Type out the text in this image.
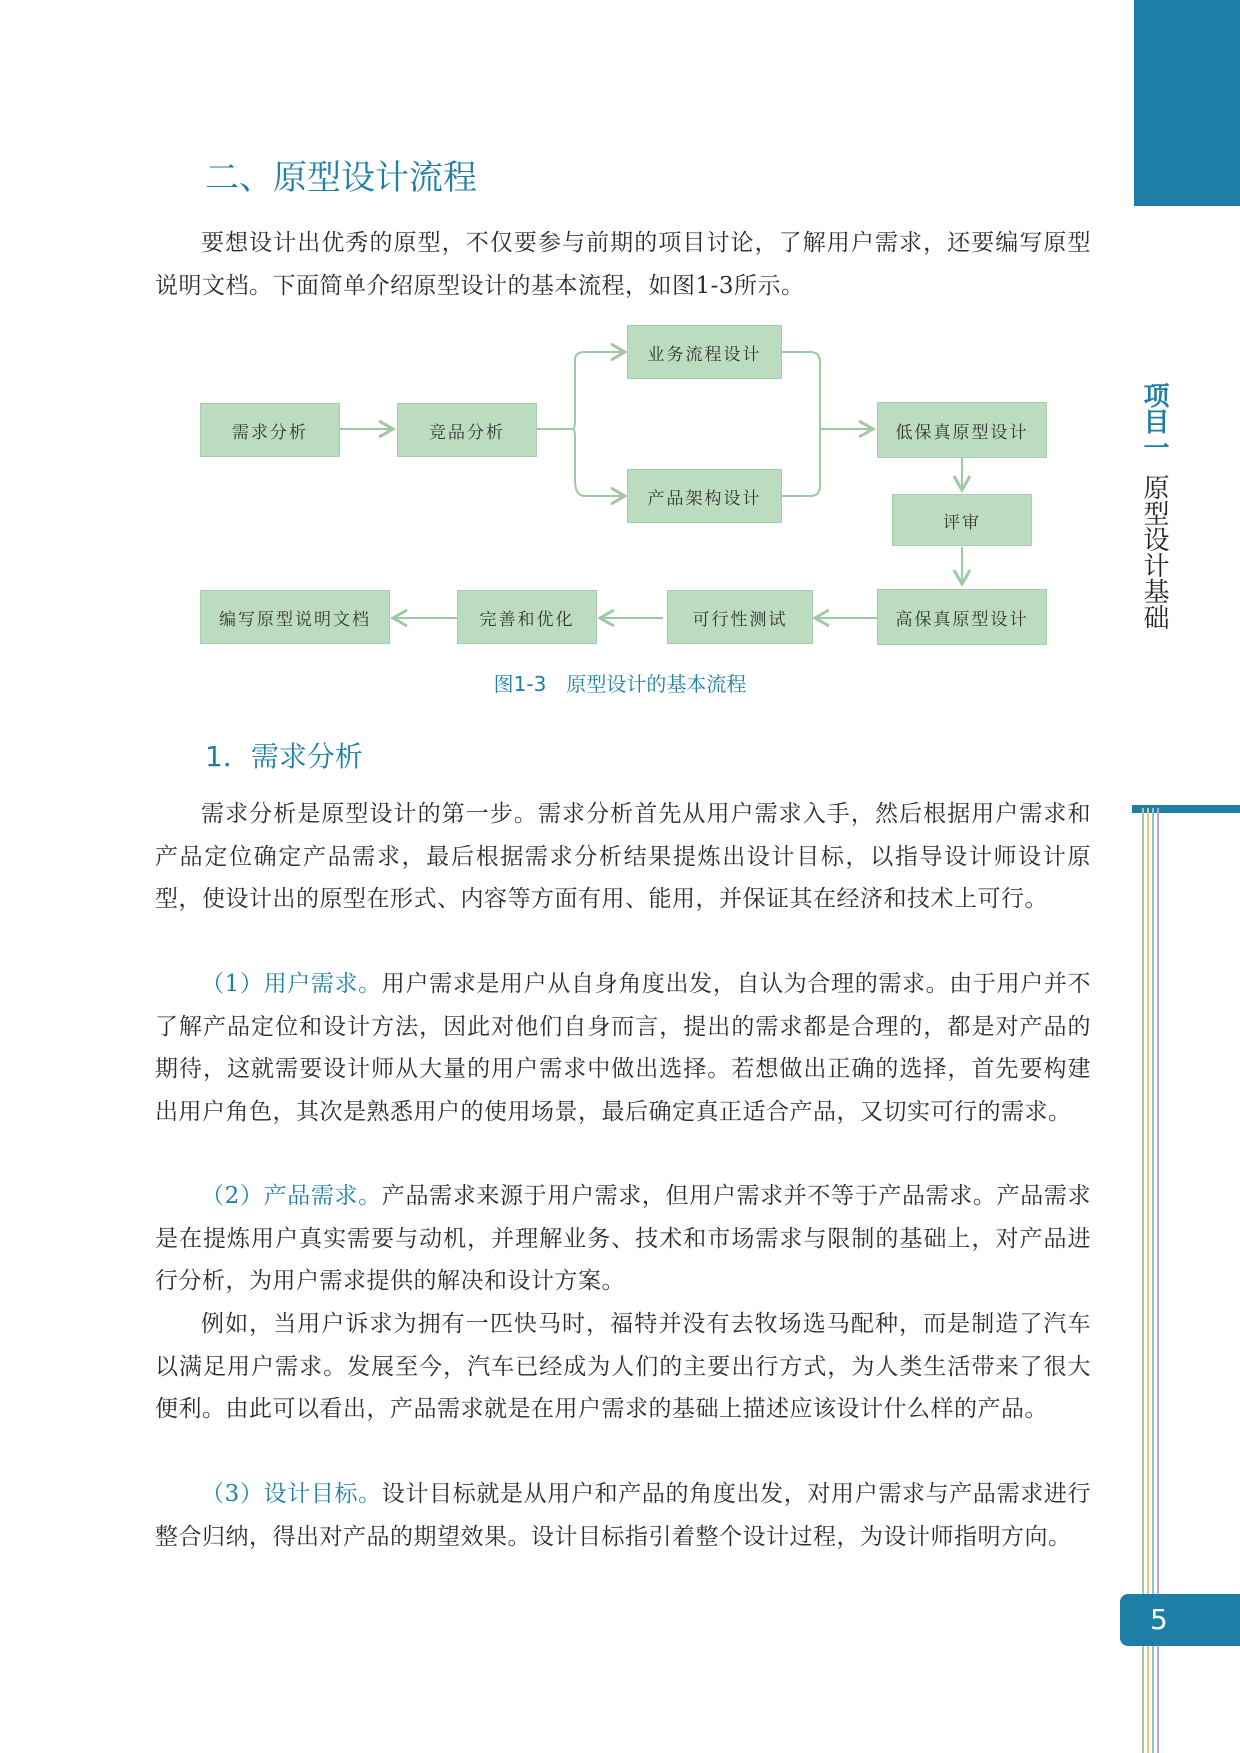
项目一
原型设计基础
5
二、原型设计流程

要想设计出优秀的原型，不仅要参与前期的项目讨论，了解用户需求，还要编写原型说明文档。下面简单介绍原型设计的基本流程，如图1-3所示。

需求分析	竞品分析
业务流程设计
产品架构设计
低保真原型设计
评审
高保真原型设计
可行性测试
完善和优化
编写原型说明文档
图1-3　原型设计的基本流程
1．需求分析

需求分析是原型设计的第一步。需求分析首先从用户需求入手，然后根据用户需求和产品定位确定产品需求，最后根据需求分析结果提炼出设计目标，以指导设计师设计原型，使设计出的原型在形式、内容等方面有用、能用，并保证其在经济和技术上可行。

（1）用户需求。用户需求是用户从自身角度出发，自认为合理的需求。由于用户并不了解产品定位和设计方法，因此对他们自身而言，提出的需求都是合理的，都是对产品的期待，这就需要设计师从大量的用户需求中做出选择。若想做出正确的选择，首先要构建出用户角色，其次是熟悉用户的使用场景，最后确定真正适合产品，又切实可行的需求。

（2）产品需求。产品需求来源于用户需求，但用户需求并不等于产品需求。产品需求是在提炼用户真实需要与动机，并理解业务、技术和市场需求与限制的基础上，对产品进行分析，为用户需求提供的解决和设计方案。

例如，当用户诉求为拥有一匹快马时，福特并没有去牧场选马配种，而是制造了汽车以满足用户需求。发展至今，汽车已经成为人们的主要出行方式，为人类生活带来了很大便利。由此可以看出，产品需求就是在用户需求的基础上描述应该设计什么样的产品。

（3）设计目标。设计目标就是从用户和产品的角度出发，对用户需求与产品需求进行整合归纳，得出对产品的期望效果。设计目标指引着整个设计过程，为设计师指明方向。
